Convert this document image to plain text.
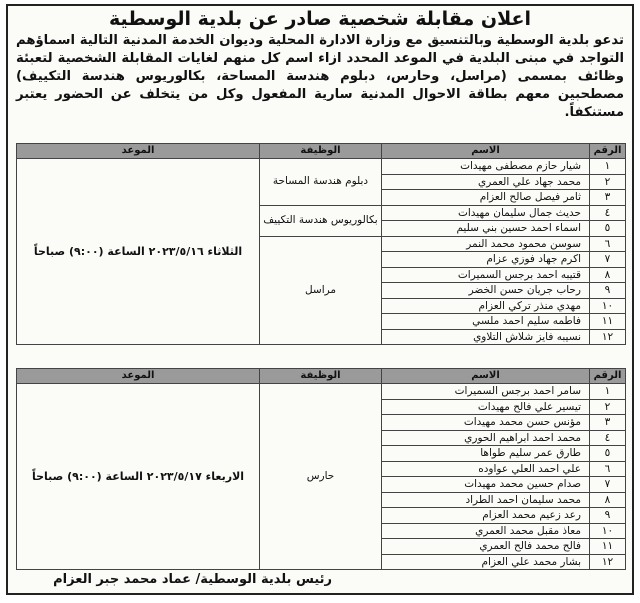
اعلان مقابلة شخصية صادر عن بلدية الوسطية
تدعو بلدية الوسطية وبالتنسيق مع وزارة الادارة المحلية وديوان الخدمة المدنية التالية اسماؤهم التواجد في مبنى البلدية في الموعد المحدد ازاء اسم كل منهم لغايات المقابلة الشخصية لتعبئة وظائف بمسمى (مراسل، وحارس، دبلوم هندسة المساحة، بكالوريوس هندسة التكييف) مصطحبين معهم بطاقة الاحوال المدنية سارية المفعول وكل من يتخلف عن الحضور يعتبر مستنكفاً.
الرقم	الاسم	الوظيفة	الموعد
١	شيار حازم مصطفى مهيدات	دبلوم هندسة المساحة	الثلاثاء ٢٠٢٣/٥/١٦ الساعة (٩:٠٠) صباحاً
٢	محمد جهاد علي العمري		
٣	ثامر فيصل صالح العزام		
٤	حديث جمال سليمان مهيدات	بكالوريوس هندسة التكييف	
٥	اسماء احمد حسين بني سليم		
٦	سوسن محمود محمد النمر	مراسل	
٧	اكرم جهاد فوزي عزام		
٨	قتيبه احمد برجس السميرات		
٩	رحاب جريان حسن الخضر		
١٠	مهدي منذر تركي العزام		
١١	فاطمه سليم احمد ملسي		
١٢	نسيبه فايز شلاش التلاوي		
الرقم	الاسم	الوظيفة	الموعد
١	سامر احمد برجس السميرات	حارس	الاربعاء ٢٠٢٣/٥/١٧ الساعة (٩:٠٠) صباحاً
٢	تيسير علي فالح مهيدات		
٣	مؤنس حسن محمد مهيدات		
٤	محمد احمد ابراهيم الحوري		
٥	طارق عمر سليم طواها		
٦	علي احمد العلي عواوده		
٧	صدام حسين محمد مهيدات		
٨	محمد سليمان احمد الطراد		
٩	رعد زعيم محمد العزام		
١٠	معاذ مقبل محمد العمري		
١١	فالح محمد فالح العمري		
١٢	بشار محمد علي العزام		
رئيس بلدية الوسطية/ عماد محمد جبر العزام
